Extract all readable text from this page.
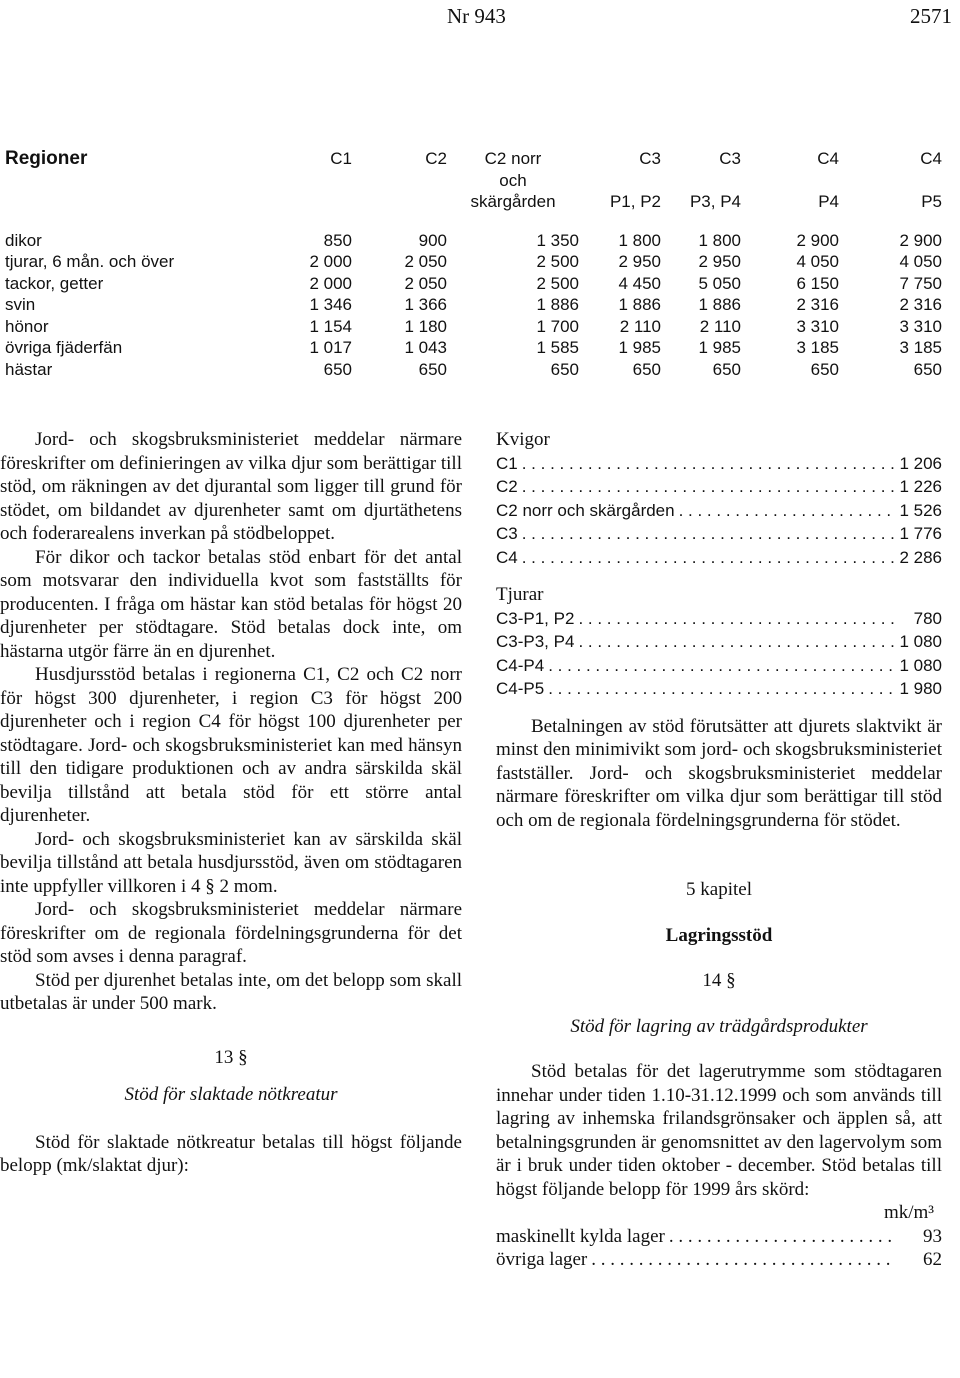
Nr 943	2571
Regioner	C1	C2	C2 norr	C3	C3	C4	C4
			och				
			skärgården	P1, P2	P3, P4	P4	P5
dikor	850	900	1 350	1 800	1 800	2 900	2 900
tjurar, 6 mån. och över	2 000	2 050	2 500	2 950	2 950	4 050	4 050
tackor, getter	2 000	2 050	2 500	4 450	5 050	6 150	7 750
svin	1 346	1 366	1 886	1 886	1 886	2 316	2 316
hönor	1 154	1 180	1 700	2 110	2 110	3 310	3 310
övriga fjäderfän	1 017	1 043	1 585	1 985	1 985	3 185	3 185
hästar	650	650	650	650	650	650	650

Jord- och skogsbruksministeriet meddelar närmare föreskrifter om definieringen av vilka djur som berättigar till stöd, om räkningen av det djurantal som ligger till grund för stödet, om bildandet av djurenheter samt om djurtäthetens och foderarealens inverkan på stödbeloppet.

För dikor och tackor betalas stöd enbart för det antal som motsvarar den individuella kvot som fastställts för producenten. I fråga om hästar kan stöd betalas för högst 20 djurenheter per stödtagare. Stöd betalas dock inte, om hästarna utgör färre än en djurenhet.

Husdjursstöd betalas i regionerna C1, C2 och C2 norr för högst 300 djurenheter, i region C3 för högst 200 djurenheter och i region C4 för högst 100 djurenheter per stödtagare. Jord- och skogsbruksministeriet kan med hänsyn till den tidigare produktionen och av andra särskilda skäl bevilja tillstånd att betala stöd för ett större antal djurenheter.

Jord- och skogsbruksministeriet kan av särskilda skäl bevilja tillstånd att betala husdjursstöd, även om stödtagaren inte uppfyller villkoren i 4 § 2 mom.

Jord- och skogsbruksministeriet meddelar närmare föreskrifter om de regionala fördelningsgrunderna för det stöd som avses i denna paragraf.

Stöd per djurenhet betalas inte, om det belopp som skall utbetalas är under 500 mark.

13 §

Stöd för slaktade nötkreatur

Stöd för slaktade nötkreatur betalas till högst följande belopp (mk/slaktat djur):

Kvigor
C1 . . .	1 206
C2 . . .	1 226
C2 norr och skärgården . . .	1 526
C3 . . .	1 776
C4 . . .	2 286
Tjurar
C3-P1, P2 . . .	780
C3-P3, P4 . . .	1 080
C4-P4 . . .	1 080
C4-P5 . . .	1 980

Betalningen av stöd förutsätter att djurets slaktvikt är minst den minimivikt som jord- och skogsbruksministeriet fastställer. Jord- och skogsbruksministeriet meddelar närmare föreskrifter om vilka djur som berättigar till stöd och om de regionala fördelningsgrunderna för stödet.

5 kapitel

Lagringsstöd

14 §

Stöd för lagring av trädgårdsprodukter

Stöd betalas för det lagerutrymme som stödtagaren innehar under tiden 1.10-31.12.1999 och som används till lagring av inhemska frilandsgrönsaker och äpplen så, att betalningsgrunden är genomsnittet av den lagervolym som är i bruk under tiden oktober - december. Stöd betalas till högst följande belopp för 1999 års skörd:

mk/m³
maskinellt kylda lager . . .	93
övriga lager . . .	62
